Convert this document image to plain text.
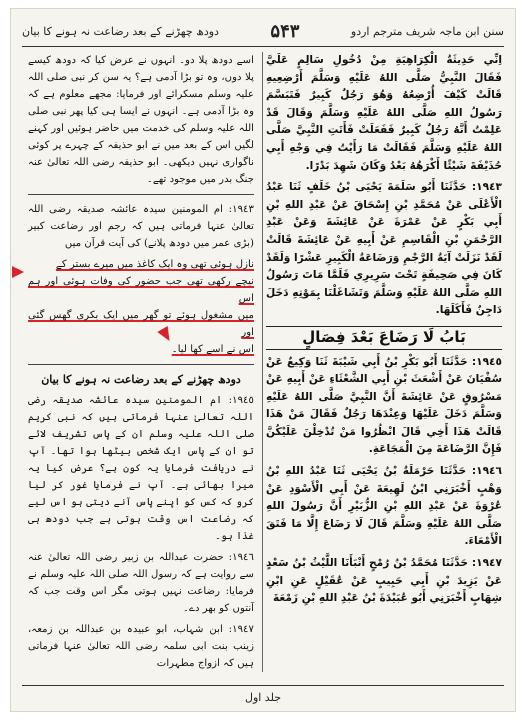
سنن ابن ماجہ شریف مترجم اردو
۵۴۳
دودھ چھڑنے کے بعد رضاعت نہ ہونے کا بیان

اِنِّي حَدِيثَةُ الْكِرَاهِيَةِ مِنْ دُخُولِ سَالِمٍ عَلَيَّ فَقَالَ النَّبِيُّ صَلَّى اللهُ عَلَيْهِ وَسَلَّمَ أَرْضِعِيهِ قَالَتْ كَيْفَ أُرْضِعُهُ وَهُوَ رَجُلٌ كَبِيرٌ فَتَبَسَّمَ رَسُولُ اللهِ صَلَّى اللهُ عَلَيْهِ وَسَلَّمَ وَقَالَ قَدْ عَلِمْتُ أَنَّهُ رَجُلٌ كَبِيرٌ فَفَعَلَتْ فَأَتَتِ النَّبِيَّ صَلَّى اللهُ عَلَيْهِ وَسَلَّمَ فَقَالَتْ مَا رَأَيْتُ فِي وَجْهِ أَبِي حُذَيْفَةَ شَيْئًا أَكْرَهُهُ بَعْدُ وَكَانَ شَهِدَ بَدْرًا.

١٩٤٣: حَدَّثَنَا أَبُو سَلَمَةَ يَحْيَى بْنُ خَلَفٍ ثَنَا عَبْدُ الْأَعْلَى عَنْ مُحَمَّدِ بْنِ إِسْحَاقَ عَنْ عَبْدِ اللهِ بْنِ أَبِي بَكْرٍ عَنْ عَمْرَةَ عَنْ عَائِشَةَ وَعَنْ عَبْدِ الرَّحْمَنِ بْنِ الْقَاسِمِ عَنْ أَبِيهِ عَنْ عَائِشَةَ قَالَتْ لَقَدْ نَزَلَتْ آيَةُ الرَّجْمِ وَرَضَاعَةُ الْكَبِيرِ عَشْرًا وَلَقَدْ كَانَ فِي صَحِيفَةٍ تَحْتَ سَرِيرِي فَلَمَّا مَاتَ رَسُولُ اللهِ صَلَّى اللهُ عَلَيْهِ وَسَلَّمَ وَتَشَاغَلْنَا بِمَوْتِهِ دَخَلَ دَاجِنٌ فَأَكَلَهَا.

بَابُ لَا رَضَاعَ بَعْدَ فِصَالٍ

١٩٤٥: حَدَّثَنَا أَبُو بَكْرِ بْنُ أَبِي شَيْبَةَ ثَنَا وَكِيعٌ عَنْ سُفْيَانَ عَنْ أَشْعَثَ بْنِ أَبِي الشَّعْثَاءِ عَنْ أَبِيهِ عَنْ مَسْرُوقٍ عَنْ عَائِشَةَ أَنَّ النَّبِيَّ صَلَّى اللهُ عَلَيْهِ وَسَلَّمَ دَخَلَ عَلَيْهَا وَعِنْدَهَا رَجُلٌ فَقَالَ مَنْ هَذَا قَالَتْ هَذَا أَخِي قَالَ انْظُرُوا مَنْ تُدْخِلْنَ عَلَيْكُنَّ فَإِنَّ الرَّضَاعَةَ مِنَ الْمَجَاعَةِ.

١٩٤٦: حَدَّثَنَا حَرْمَلَةُ بْنُ يَحْيَى ثَنَا عَبْدُ اللهِ بْنُ وَهْبٍ أَخْبَرَنِي ابْنُ لَهِيعَةَ عَنْ أَبِي الْأَسْوَدِ عَنْ عُرْوَةَ عَنْ عَبْدِ اللهِ بْنِ الزُّبَيْرِ أَنَّ رَسُولَ اللهِ صَلَّى اللهُ عَلَيْهِ وَسَلَّمَ قَالَ لَا رَضَاعَ إِلَّا مَا فَتَقَ الْأَمْعَاءَ.

١٩٤٧: حَدَّثَنَا مُحَمَّدُ بْنُ رُمْحٍ أَنْبَأَنَا اللَّيْثُ بْنُ سَعْدٍ عَنْ يَزِيدَ بْنِ أَبِي حَبِيبٍ عَنْ عُقَيْلٍ عَنِ ابْنِ شِهَابٍ أَخْبَرَنِي أَبُو عُبَيْدَةَ بْنُ عَبْدِ اللهِ بْنِ زَمْعَةَ

اسے دودھ پلا دو۔ انہوں نے عرض کیا کہ دودھ کیسے پلا دوں، وہ تو بڑا آدمی ہے؟ یہ سن کر نبی صلی اللہ علیہ وسلم مسکرائے اور فرمایا: مجھے معلوم ہے کہ وہ بڑا آدمی ہے۔ انہوں نے ایسا ہی کیا پھر نبی صلی اللہ علیہ وسلم کی خدمت میں حاضر ہوئیں اور کہنے لگیں اس کے بعد میں نے ابو حذیفہ کے چہرے پر کوئی ناگواری نہیں دیکھی۔ ابو حذیفہ رضی اللہ تعالیٰ عنہ جنگ بدر میں موجود تھے۔

١٩٤٣: ام المومنین سیدہ عائشہ صدیقہ رضی اللہ تعالیٰ عنہا فرماتی ہیں کہ رجم اور رضاعت کبیر (بڑی عمر میں دودھ پلانے) کی آیت قرآن میں

نازل ہوئی تھی وہ ایک کاغذ میں میرے بستر کے
نیچے رکھی تھی جب حضور کی وفات ہوئی اور ہم اس
میں مشغول ہوئے تو گھر میں ایک بکری گھس گئی اور
اس نے اسے کھا لیا۔
دودھ چھڑنے کے بعد رضاعت نہ ہونے کا بیان

١٩٤٥: ام المومنین سیدہ عائشہ صدیقہ رضی اللہ تعالیٰ عنہا فرماتی ہیں کہ نبی کریم صلی اللہ علیہ وسلم ان کے پاس تشریف لائے تو ان کے پاس ایک شخص بیٹھا ہوا تھا۔ آپ نے دریافت فرمایا یہ کون ہے؟ عرض کیا یہ میرا بھائی ہے۔ آپ نے فرمایا غور کر لیا کرو کہ کس کو اپنے پاس آنے دیتی ہو اس لیے کہ رضاعت اس وقت ہوتی ہے جب دودھ ہی غذا ہو۔

١٩٤٦: حضرت عبداللہ بن زبیر رضی اللہ تعالیٰ عنہ سے روایت ہے کہ رسول اللہ صلی اللہ علیہ وسلم نے فرمایا: رضاعت نہیں ہوتی مگر اس وقت جب کہ آنتوں کو بھر دے۔

١٩٤٧: ابن شہاب، ابو عبیدہ بن عبداللہ بن زمعہ، زینب بنت ابی سلمہ رضی اللہ تعالیٰ عنہا فرماتی ہیں کہ ازواج مطہرات

جلد اول
